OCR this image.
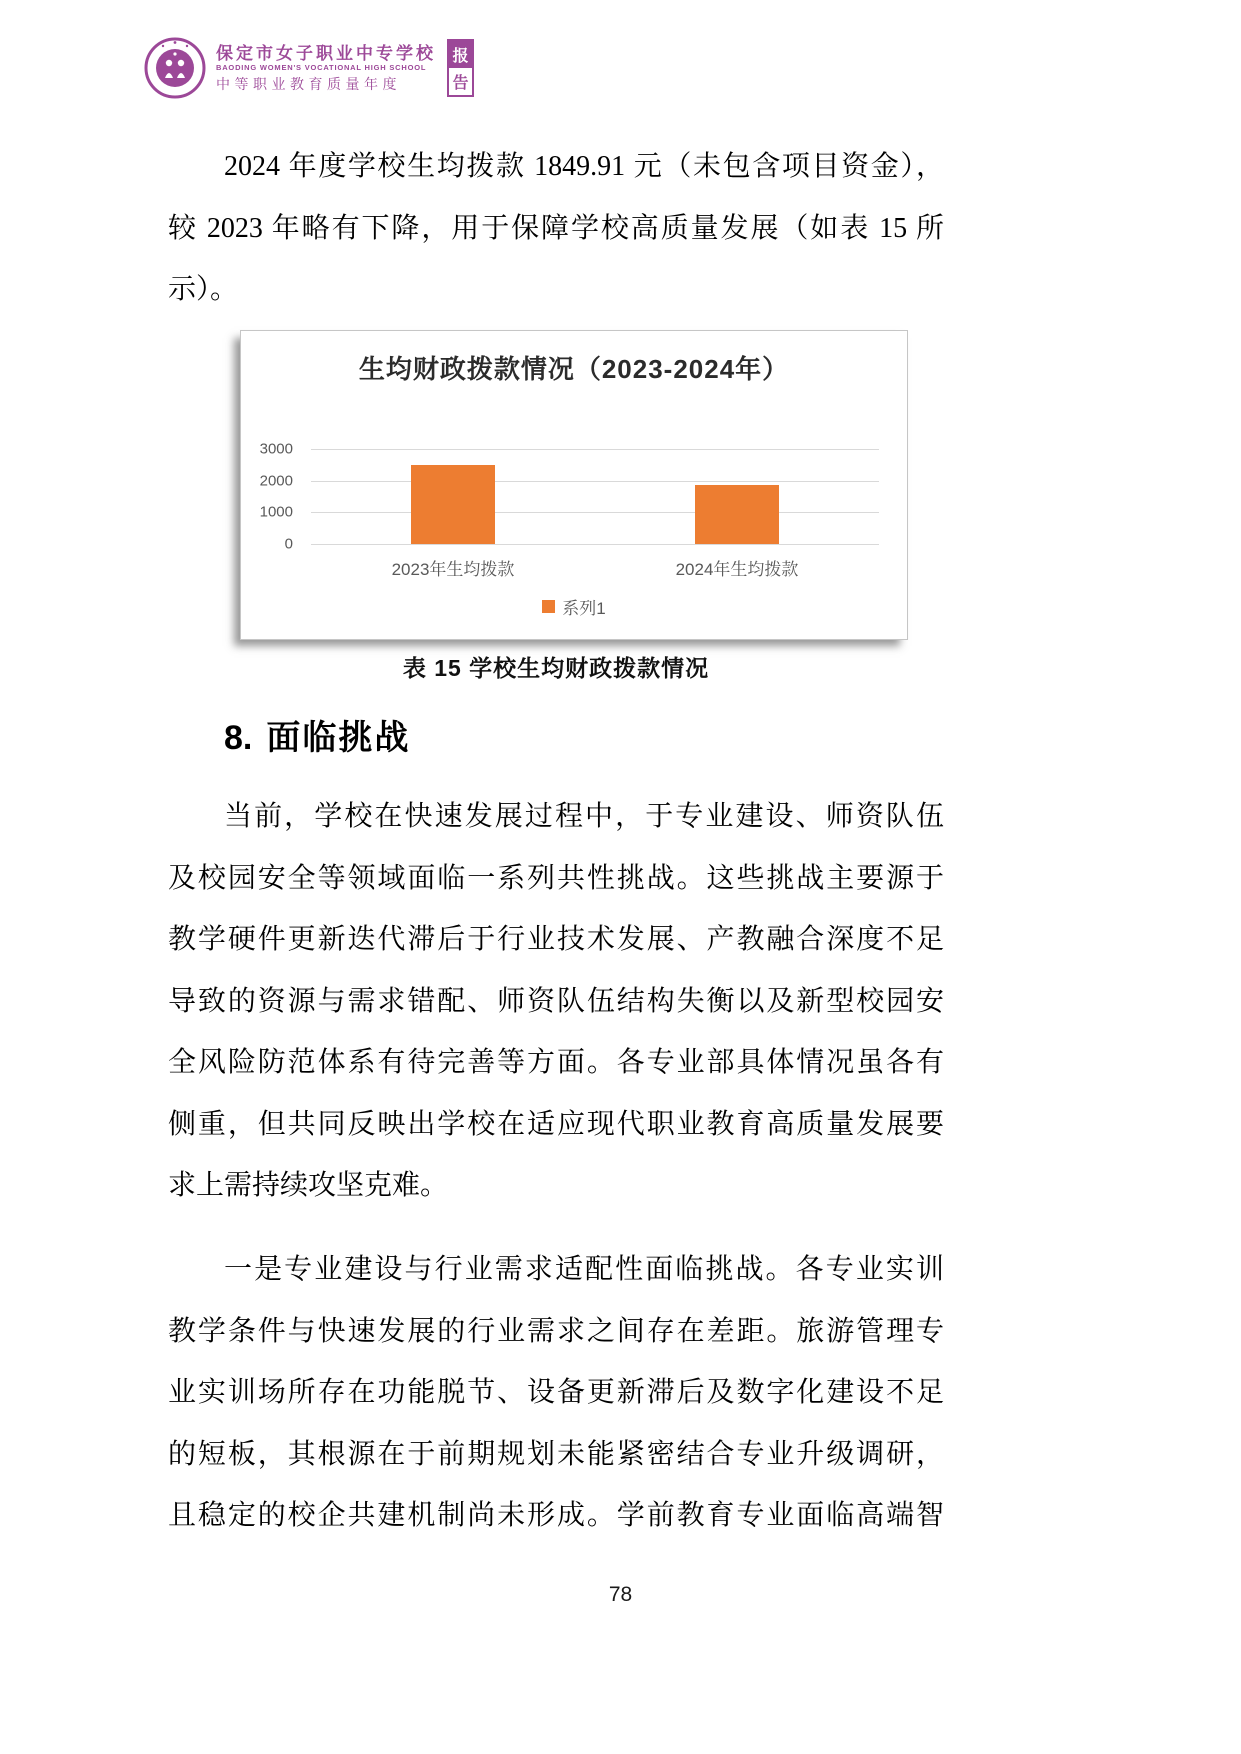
保定市女子职业中专学校
BAODING WOMEN'S VOCATIONAL HIGH SCHOOL
中等职业教育质量年度
报
告
2024 年度学校生均拨款 1849.91 元（未包含项目资金），
较 2023 年略有下降，用于保障学校高质量发展（如表 15 所
示）。
生均财政拨款情况（2023-2024年）
3000
2000
1000
0
2023年生均拨款	2024年生均拨款
系列1
表 15 学校生均财政拨款情况
8. 面临挑战
当前，学校在快速发展过程中，于专业建设、师资队伍
及校园安全等领域面临一系列共性挑战。这些挑战主要源于
教学硬件更新迭代滞后于行业技术发展、产教融合深度不足
导致的资源与需求错配、师资队伍结构失衡以及新型校园安
全风险防范体系有待完善等方面。各专业部具体情况虽各有
侧重，但共同反映出学校在适应现代职业教育高质量发展要
求上需持续攻坚克难。
一是专业建设与行业需求适配性面临挑战。各专业实训
教学条件与快速发展的行业需求之间存在差距。旅游管理专
业实训场所存在功能脱节、设备更新滞后及数字化建设不足
的短板，其根源在于前期规划未能紧密结合专业升级调研，
且稳定的校企共建机制尚未形成。学前教育专业面临高端智
78
